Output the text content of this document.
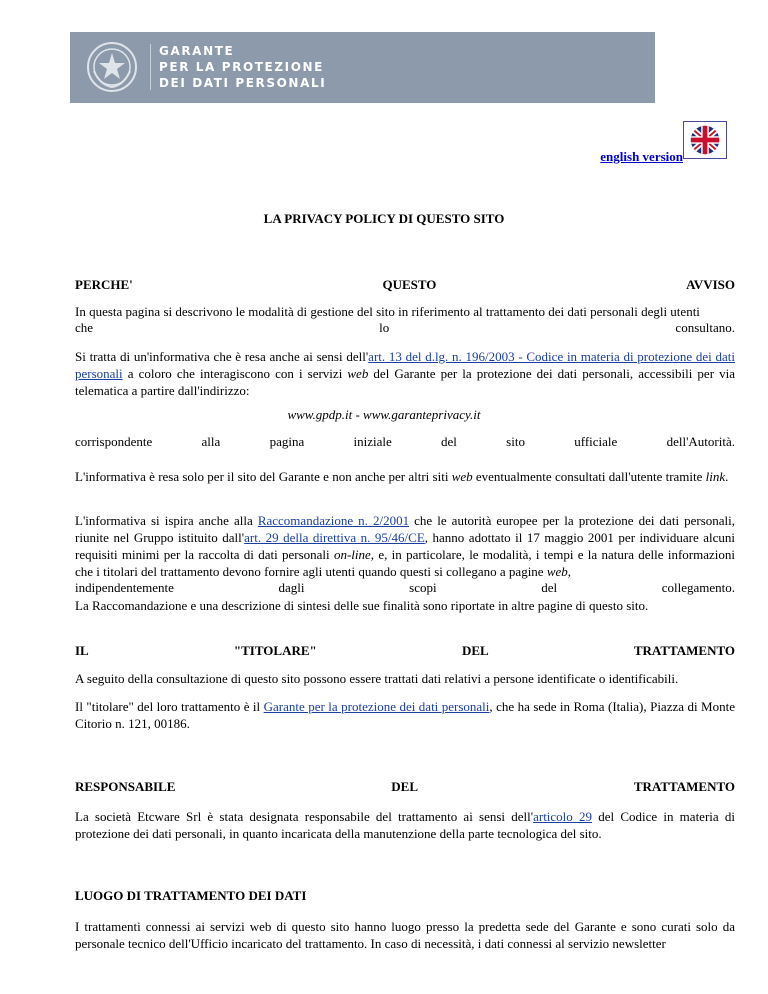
GARANTE
PER LA PROTEZIONE
DEI DATI PERSONALI
english version
LA PRIVACY POLICY DI QUESTO SITO
PERCHE'	QUESTO	AVVISO
In questa pagina si descrivono le modalità di gestione del sito in riferimento al trattamento dei dati personali degli utenti
che	lo	consultano.
Si tratta di un'informativa che è resa anche ai sensi dell'art. 13 del d.lg. n. 196/2003 - Codice in materia di protezione dei dati personali a coloro che interagiscono con i servizi web del Garante per la protezione dei dati personali, accessibili per via telematica a partire dall'indirizzo:
www.gpdp.it - www.garanteprivacy.it
corrispondente	alla	pagina	iniziale	del	sito	ufficiale	dell'Autorità.
L'informativa è resa solo per il sito del Garante e non anche per altri siti web eventualmente consultati dall'utente tramite link.
L'informativa si ispira anche alla Raccomandazione n. 2/2001 che le autorità europee per la protezione dei dati personali, riunite nel Gruppo istituito dall'art. 29 della direttiva n. 95/46/CE, hanno adottato il 17 maggio 2001 per individuare alcuni requisiti minimi per la raccolta di dati personali on-line, e, in particolare, le modalità, i tempi e la natura delle informazioni che i titolari del trattamento devono fornire agli utenti quando questi si collegano a pagine web,
indipendentemente	dagli	scopi	del	collegamento.
La Raccomandazione e una descrizione di sintesi delle sue finalità sono riportate in altre pagine di questo sito.
IL	"TITOLARE"	DEL	TRATTAMENTO
A seguito della consultazione di questo sito possono essere trattati dati relativi a persone identificate o identificabili.
Il "titolare" del loro trattamento è il Garante per la protezione dei dati personali, che ha sede in Roma (Italia), Piazza di Monte Citorio n. 121, 00186.
RESPONSABILE	DEL	TRATTAMENTO
La società Etcware Srl è stata designata responsabile del trattamento ai sensi dell'articolo 29 del Codice in materia di protezione dei dati personali, in quanto incaricata della manutenzione della parte tecnologica del sito.
LUOGO DI TRATTAMENTO DEI DATI
I trattamenti connessi ai servizi web di questo sito hanno luogo presso la predetta sede del Garante e sono curati solo da personale tecnico dell'Ufficio incaricato del trattamento. In caso di necessità, i dati connessi al servizio newsletter
